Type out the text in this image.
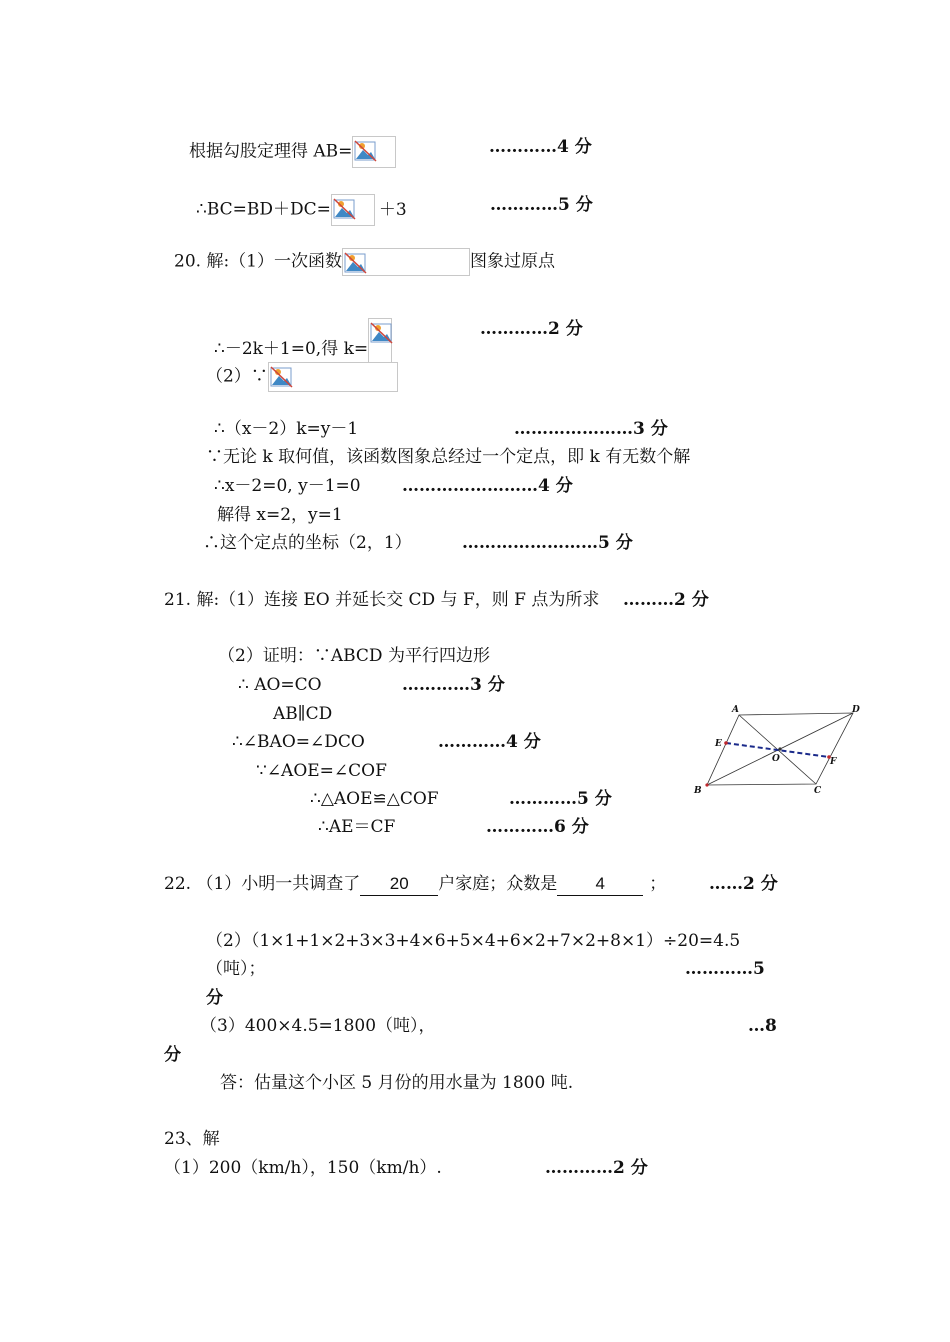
根据勾股定理得 AB=	…………4 分
∴BC=BD＋DC=	＋3	…………5 分
20. 解:（1）一次函数	图象过原点
∴－2k＋1=0,得 k=
…………2 分
（2）∵
∴（x－2）k=y－1	…………………3 分
∵无论 k 取何值，该函数图象总经过一个定点，即 k 有无数个解
∴x－2=0, y－1=0 ……………………4 分
解得 x=2，y=1
∴这个定点的坐标（2，1）	……………………5 分
21. 解:（1）连接 EO 并延长交 CD 与 F，则 F 点为所求 ………2 分
（2）证明：∵ABCD 为平行四边形
∴ AO=CO	…………3 分
AB∥CD
∴∠BAO=∠DCO	…………4 分
∵∠AOE=∠COF
∴△AOE≌△COF	…………5 分
∴AE＝CF	…………6 分
A	D
E
O	F
B	C
22. （1）小明一共调查了 20 户家庭；众数是 4	；	……2 分
（2）（1×1+1×2+3×3+4×6+5×4+6×2+7×2+8×1）÷20=4.5
（吨）；	…………5
分
（3）400×4.5=1800（吨），	…8
分
答：估量这个小区 5 月份的用水量为 1800 吨.
23、解
（1）200（km/h），150（km/h）.	…………2 分
